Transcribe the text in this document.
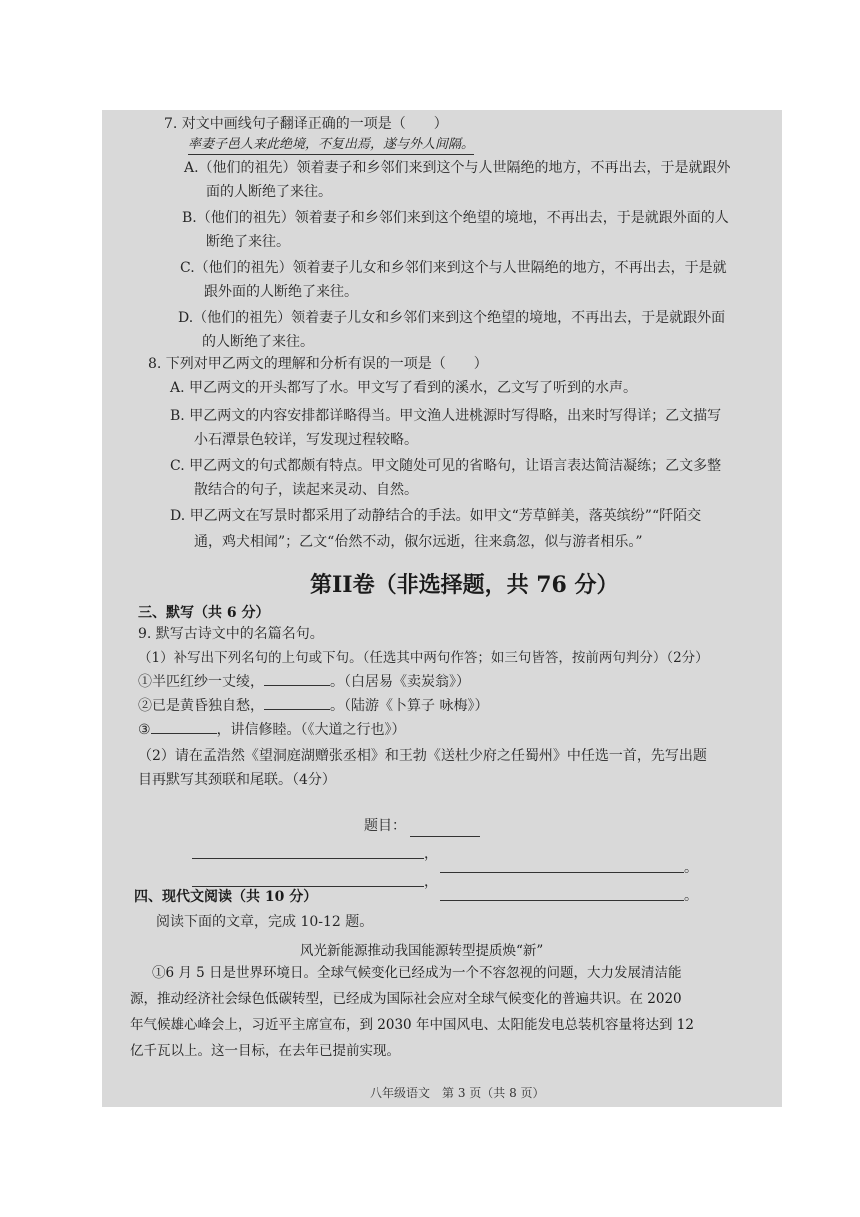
7. 对文中画线句子翻译正确的一项是（　　）
率妻子邑人来此绝境，不复出焉，遂与外人间隔。
A.（他们的祖先）领着妻子和乡邻们来到这个与人世隔绝的地方，不再出去，于是就跟外
面的人断绝了来往。
B.（他们的祖先）领着妻子和乡邻们来到这个绝望的境地，不再出去，于是就跟外面的人
断绝了来往。
C.（他们的祖先）领着妻子儿女和乡邻们来到这个与人世隔绝的地方，不再出去，于是就
跟外面的人断绝了来往。
D.（他们的祖先）领着妻子儿女和乡邻们来到这个绝望的境地，不再出去，于是就跟外面
的人断绝了来往。
8. 下列对甲乙两文的理解和分析有误的一项是（　　）
A. 甲乙两文的开头都写了水。甲文写了看到的溪水，乙文写了听到的水声。
B. 甲乙两文的内容安排都详略得当。甲文渔人进桃源时写得略，出来时写得详；乙文描写
小石潭景色较详，写发现过程较略。
C. 甲乙两文的句式都颇有特点。甲文随处可见的省略句，让语言表达简洁凝练；乙文多整
散结合的句子，读起来灵动、自然。
D. 甲乙两文在写景时都采用了动静结合的手法。如甲文“芳草鲜美，落英缤纷”“阡陌交
通，鸡犬相闻”；乙文“佁然不动，俶尔远逝，往来翕忽，似与游者相乐。”
第II卷（非选择题，共 76 分）
三、默写（共 6 分）
9. 默写古诗文中的名篇名句。
（1）补写出下列名句的上句或下句。（任选其中两句作答；如三句皆答，按前两句判分）（2分）
①半匹红纱一丈绫，	。（白居易《卖炭翁》）
②已是黄昏独自愁，	。（陆游《卜算子 咏梅》）
③	，讲信修睦。（《大道之行也》）
（2）请在孟浩然《望洞庭湖赠张丞相》和王勃《送杜少府之任蜀州》中任选一首，先写出题
目再默写其颈联和尾联。（4分）
题目：
，
。
，
。
四、现代文阅读（共 10 分）
阅读下面的文章，完成 10-12 题。
风光新能源推动我国能源转型提质焕“新”
①6 月 5 日是世界环境日。全球气候变化已经成为一个不容忽视的问题，大力发展清洁能
源，推动经济社会绿色低碳转型，已经成为国际社会应对全球气候变化的普遍共识。在 2020
年气候雄心峰会上，习近平主席宣布，到 2030 年中国风电、太阳能发电总装机容量将达到 12
亿千瓦以上。这一目标，在去年已提前实现。
八年级语文　第 3 页（共 8 页）
